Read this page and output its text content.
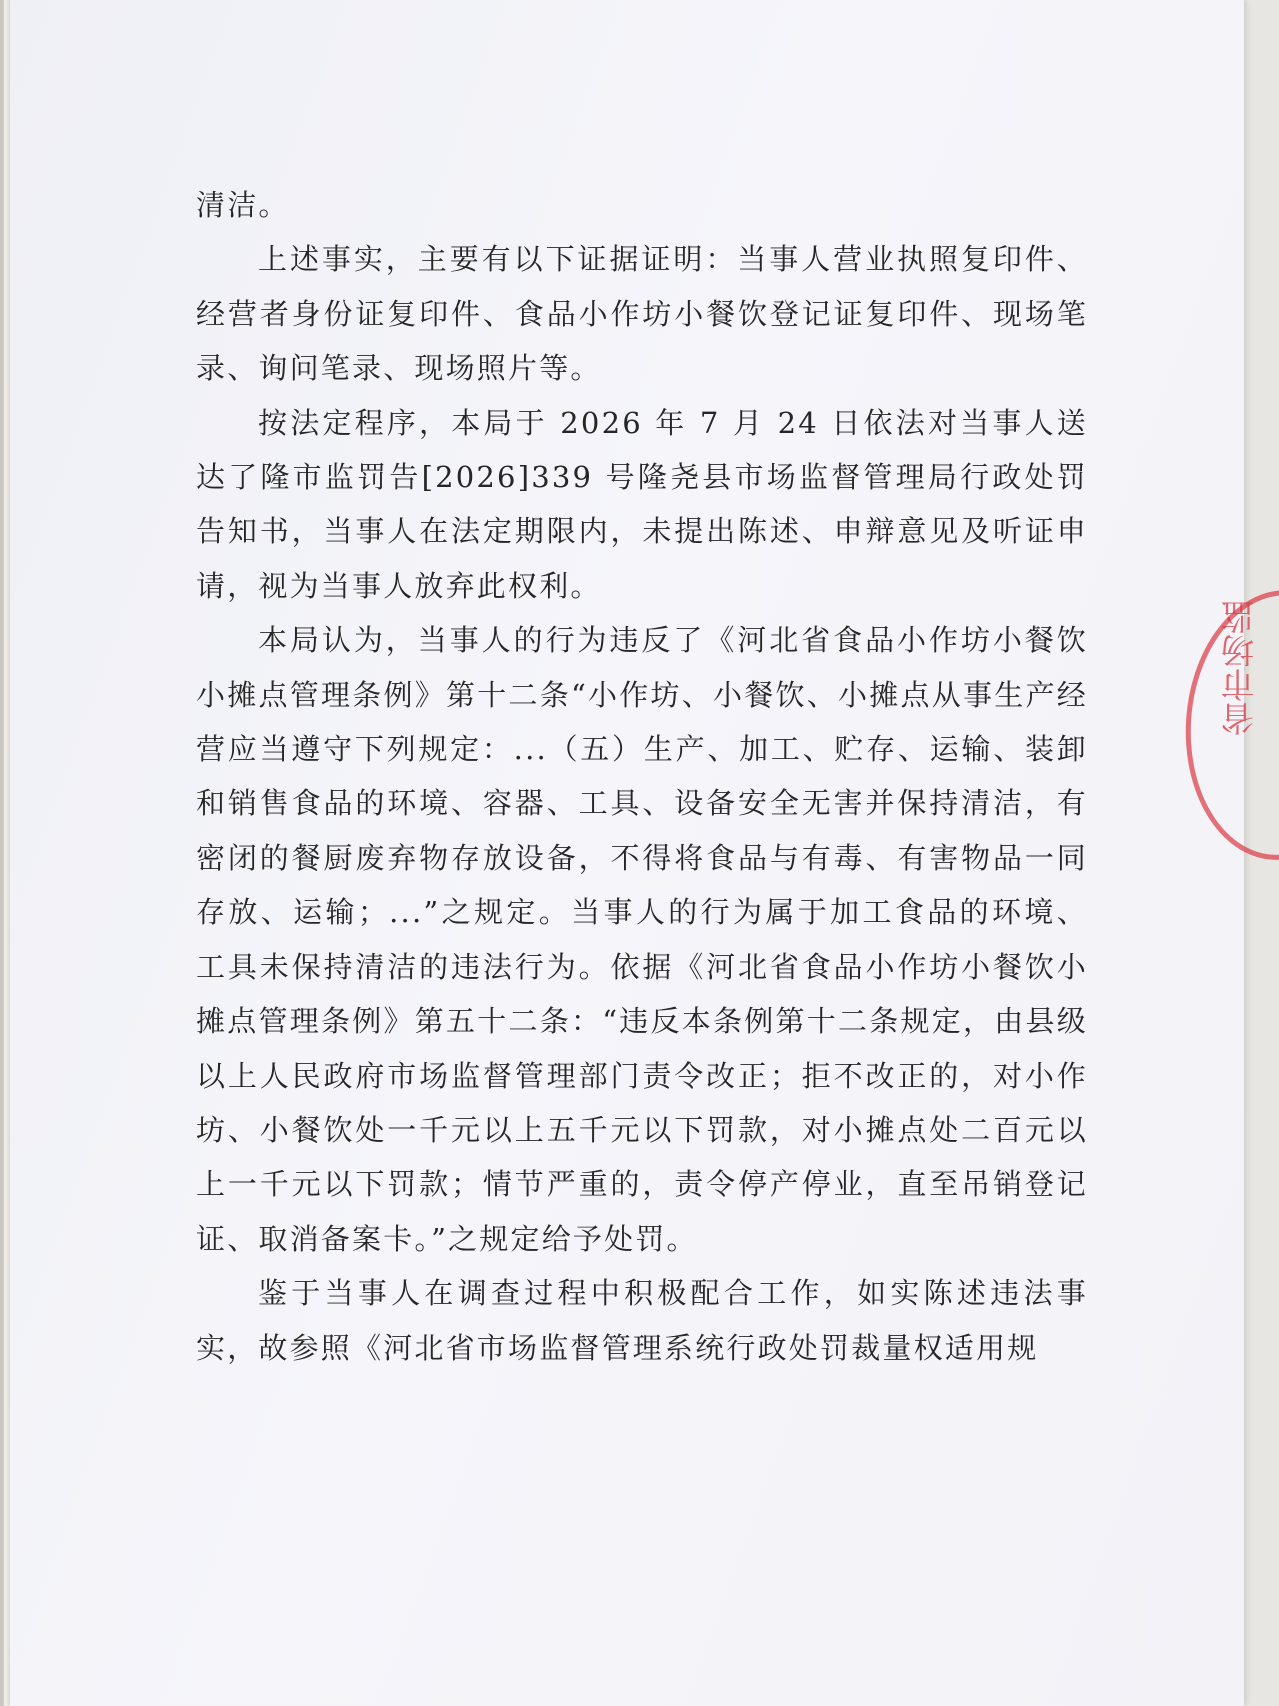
清洁。

上述事实，主要有以下证据证明：当事人营业执照复印件、经营者身份证复印件、食品小作坊小餐饮登记证复印件、现场笔录、询问笔录、现场照片等。

按法定程序，本局于 2026 年 7 月 24 日依法对当事人送达了隆市监罚告[2026]339 号隆尧县市场监督管理局行政处罚告知书，当事人在法定期限内，未提出陈述、申辩意见及听证申请，视为当事人放弃此权利。

本局认为，当事人的行为违反了《河北省食品小作坊小餐饮小摊点管理条例》第十二条“小作坊、小餐饮、小摊点从事生产经营应当遵守下列规定：...（五）生产、加工、贮存、运输、装卸和销售食品的环境、容器、工具、设备安全无害并保持清洁，有密闭的餐厨废弃物存放设备，不得将食品与有毒、有害物品一同存放、运输；...”之规定。当事人的行为属于加工食品的环境、工具未保持清洁的违法行为。依据《河北省食品小作坊小餐饮小摊点管理条例》第五十二条：“违反本条例第十二条规定，由县级以上人民政府市场监督管理部门责令改正；拒不改正的，对小作坊、小餐饮处一千元以上五千元以下罚款，对小摊点处二百元以上一千元以下罚款；情节严重的，责令停产停业，直至吊销登记证、取消备案卡。”之规定给予处罚。

鉴于当事人在调查过程中积极配合工作，如实陈述违法事实，故参照《河北省市场监督管理系统行政处罚裁量权适用规

省市场监
